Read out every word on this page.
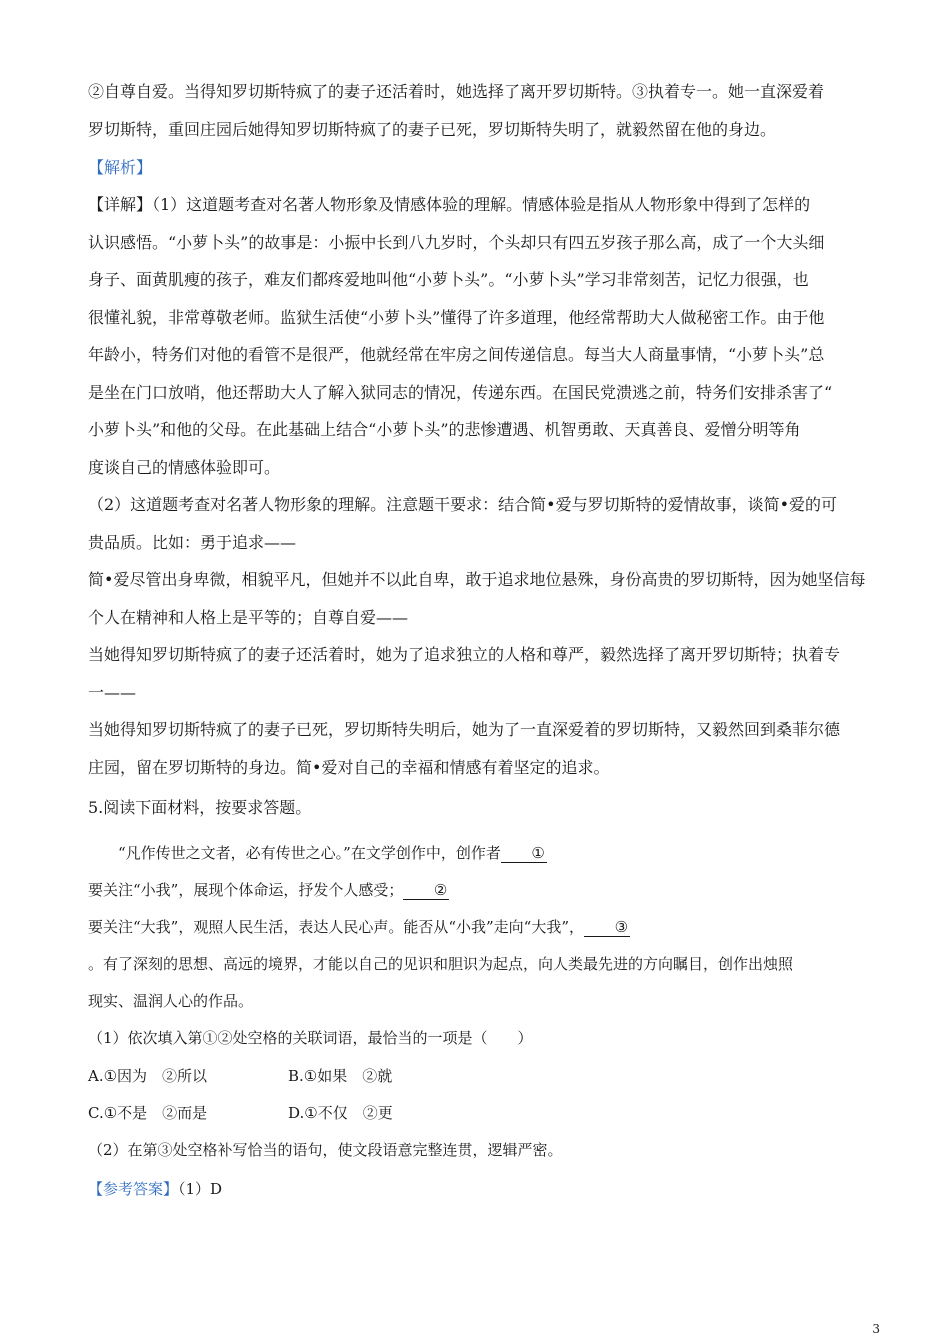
②自尊自爱。当得知罗切斯特疯了的妻子还活着时，她选择了离开罗切斯特。③执着专一。她一直深爱着
罗切斯特，重回庄园后她得知罗切斯特疯了的妻子已死，罗切斯特失明了，就毅然留在他的身边。
【解析】
【详解】（1）这道题考查对名著人物形象及情感体验的理解。情感体验是指从人物形象中得到了怎样的
认识感悟。“小萝卜头”的故事是：小振中长到八九岁时，个头却只有四五岁孩子那么高，成了一个大头细
身子、面黄肌瘦的孩子，难友们都疼爱地叫他“小萝卜头”。“小萝卜头”学习非常刻苦，记忆力很强，也
很懂礼貌，非常尊敬老师。监狱生活使“小萝卜头”懂得了许多道理，他经常帮助大人做秘密工作。由于他
年龄小，特务们对他的看管不是很严，他就经常在牢房之间传递信息。每当大人商量事情，“小萝卜头”总
是坐在门口放哨，他还帮助大人了解入狱同志的情况，传递东西。在国民党溃逃之前，特务们安排杀害了“
小萝卜头”和他的父母。在此基础上结合“小萝卜头”的悲惨遭遇、机智勇敢、天真善良、爱憎分明等角
度谈自己的情感体验即可。
（2）这道题考查对名著人物形象的理解。注意题干要求：结合简•爱与罗切斯特的爱情故事，谈简•爱的可
贵品质。比如：勇于追求——
简•爱尽管出身卑微，相貌平凡，但她并不以此自卑，敢于追求地位悬殊，身份高贵的罗切斯特，因为她坚信每
个人在精神和人格上是平等的；自尊自爱——
当她得知罗切斯特疯了的妻子还活着时，她为了追求独立的人格和尊严，毅然选择了离开罗切斯特；执着专
一——
当她得知罗切斯特疯了的妻子已死，罗切斯特失明后，她为了一直深爱着的罗切斯特，又毅然回到桑菲尔德
庄园，留在罗切斯特的身边。简•爱对自己的幸福和情感有着坚定的追求。
5.阅读下面材料，按要求答题。
“凡作传世之文者，必有传世之心。”在文学创作中，创作者 ①
要关注“小我”，展现个体命运，抒发个人感受； ②
要关注“大我”，观照人民生活，表达人民心声。能否从“小我”走向“大我”， ③
。有了深刻的思想、高远的境界，才能以自己的见识和胆识为起点，向人类最先进的方向瞩目，创作出烛照
现实、温润人心的作品。
（1）依次填入第①②处空格的关联词语，最恰当的一项是（　　）
A.①因为　②所以	B.①如果　②就
C.①不是　②而是	D.①不仅　②更
（2）在第③处空格补写恰当的语句，使文段语意完整连贯，逻辑严密。
【参考答案】（1）D
3
